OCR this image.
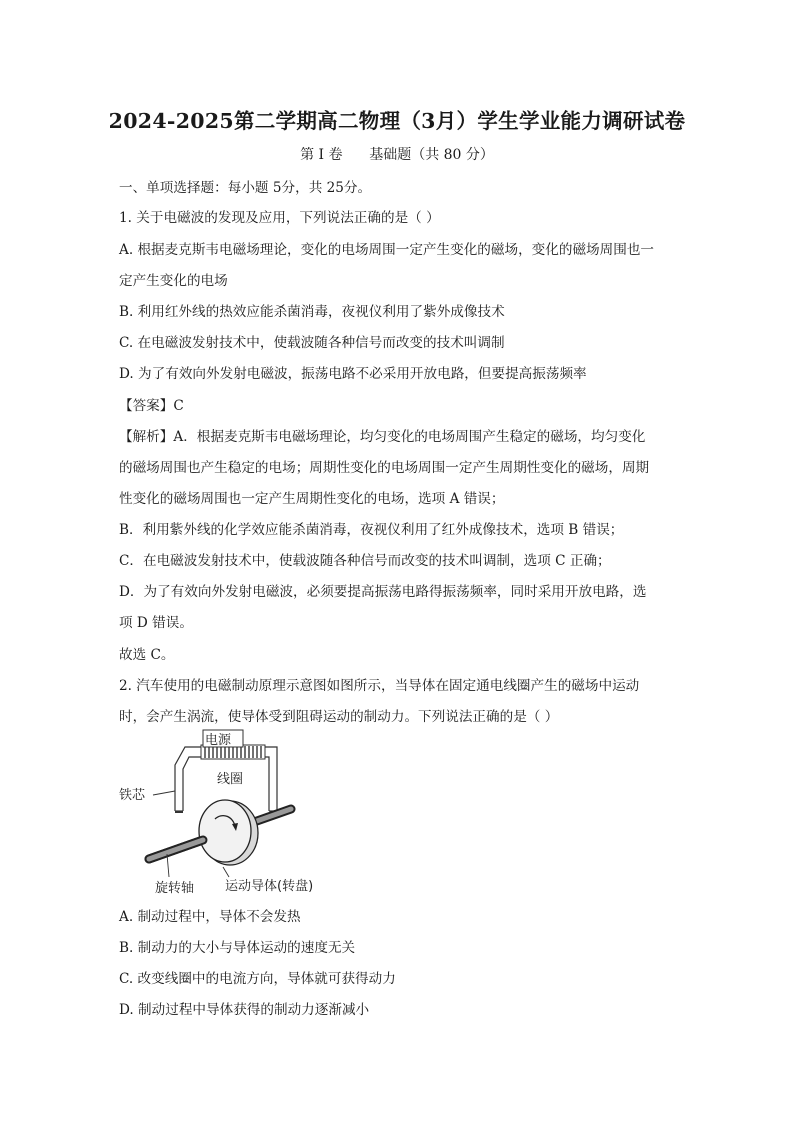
2024-2025第二学期高二物理（3月）学生学业能力调研试卷
第 I 卷      基础题（共 80 分）
一、单项选择题：每小题 5分，共 25分。
1. 关于电磁波的发现及应用，下列说法正确的是（ ）
A. 根据麦克斯韦电磁场理论，变化的电场周围一定产生变化的磁场，变化的磁场周围也一
定产生变化的电场
B. 利用红外线的热效应能杀菌消毒，夜视仪利用了紫外成像技术
C. 在电磁波发射技术中，使载波随各种信号而改变的技术叫调制
D. 为了有效向外发射电磁波，振荡电路不必采用开放电路，但要提高振荡频率
【答案】C
【解析】A．根据麦克斯韦电磁场理论，均匀变化的电场周围产生稳定的磁场，均匀变化
的磁场周围也产生稳定的电场；周期性变化的电场周围一定产生周期性变化的磁场，周期
性变化的磁场周围也一定产生周期性变化的电场，选项 A 错误；
B．利用紫外线的化学效应能杀菌消毒，夜视仪利用了红外成像技术，选项 B 错误；
C．在电磁波发射技术中，使载波随各种信号而改变的技术叫调制，选项 C 正确；
D．为了有效向外发射电磁波，必须要提高振荡电路得振荡频率，同时采用开放电路，选
项 D 错误。
故选 C。
2. 汽车使用的电磁制动原理示意图如图所示，当导体在固定通电线圈产生的磁场中运动
时，会产生涡流，使导体受到阻碍运动的制动力。下列说法正确的是（ ）
电源
线圈
铁芯
旋转轴 运动导体(转盘)
A. 制动过程中，导体不会发热
B. 制动力的大小与导体运动的速度无关
C. 改变线圈中的电流方向，导体就可获得动力
D. 制动过程中导体获得的制动力逐渐减小
